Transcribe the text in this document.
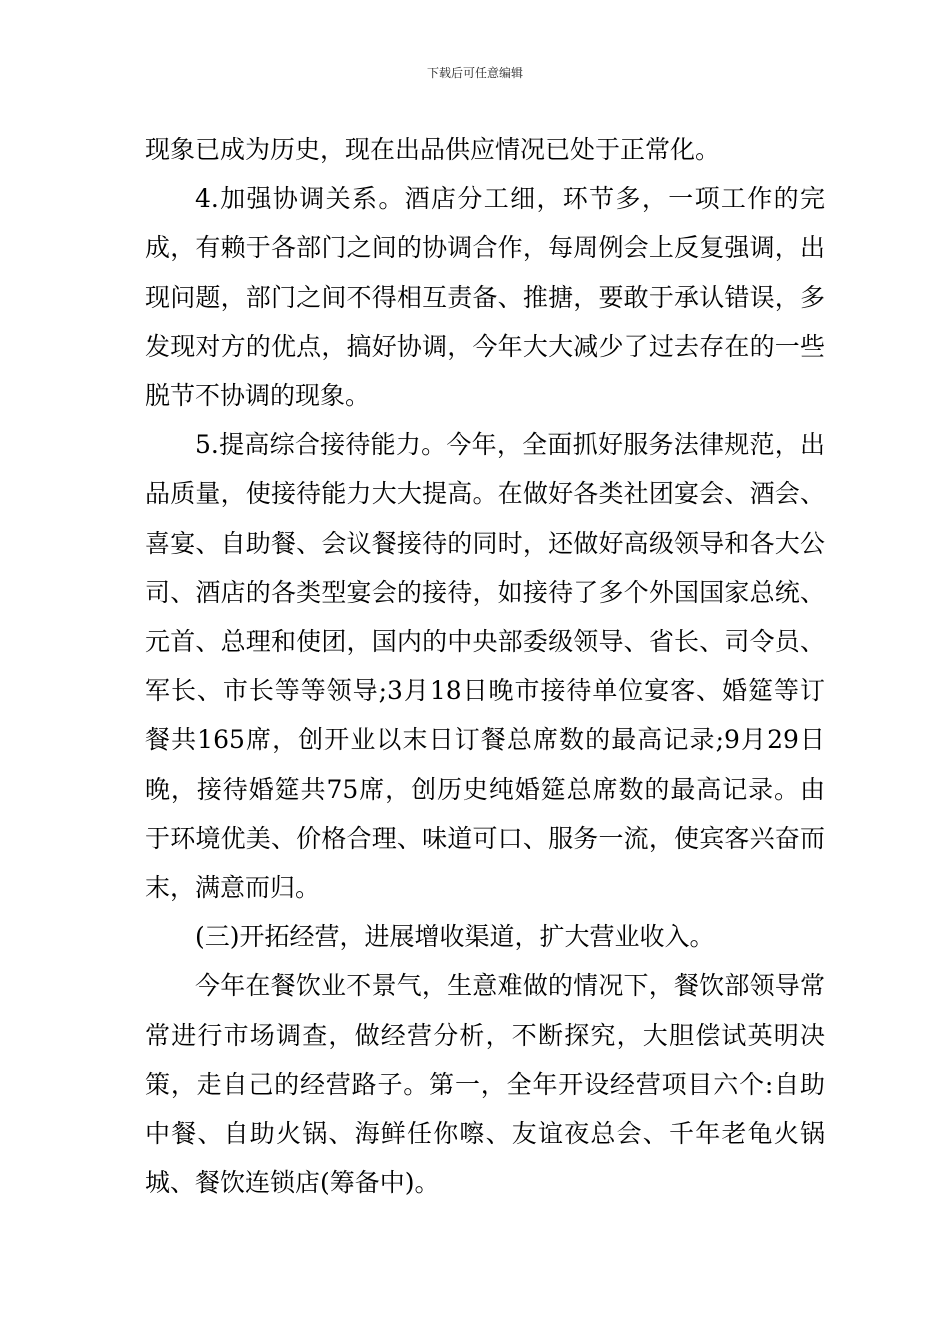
下载后可任意编辑

现象已成为历史，现在出品供应情况已处于正常化。

4.加强协调关系。酒店分工细，环节多，一项工作的完成，有赖于各部门之间的协调合作，每周例会上反复强调，出现问题，部门之间不得相互责备、推搪，要敢于承认错误，多发现对方的优点，搞好协调，今年大大减少了过去存在的一些脱节不协调的现象。

5.提高综合接待能力。今年，全面抓好服务法律规范，出品质量，使接待能力大大提高。在做好各类社团宴会、酒会、喜宴、自助餐、会议餐接待的同时，还做好高级领导和各大公司、酒店的各类型宴会的接待，如接待了多个外国国家总统、元首、总理和使团，国内的中央部委级领导、省长、司令员、军长、市长等等领导;3月18日晚市接待单位宴客、婚筵等订餐共165席，创开业以末日订餐总席数的最高记录;9月29日晚，接待婚筵共75席，创历史纯婚筵总席数的最高记录。由于环境优美、价格合理、味道可口、服务一流，使宾客兴奋而末，满意而归。

(三)开拓经营，进展增收渠道，扩大营业收入。

今年在餐饮业不景气，生意难做的情况下，餐饮部领导常常进行市场调查，做经营分析，不断探究，大胆偿试英明决策，走自己的经营路子。第一，全年开设经营项目六个:自助中餐、自助火锅、海鲜任你嚓、友谊夜总会、千年老龟火锅城、餐饮连锁店(筹备中)。
